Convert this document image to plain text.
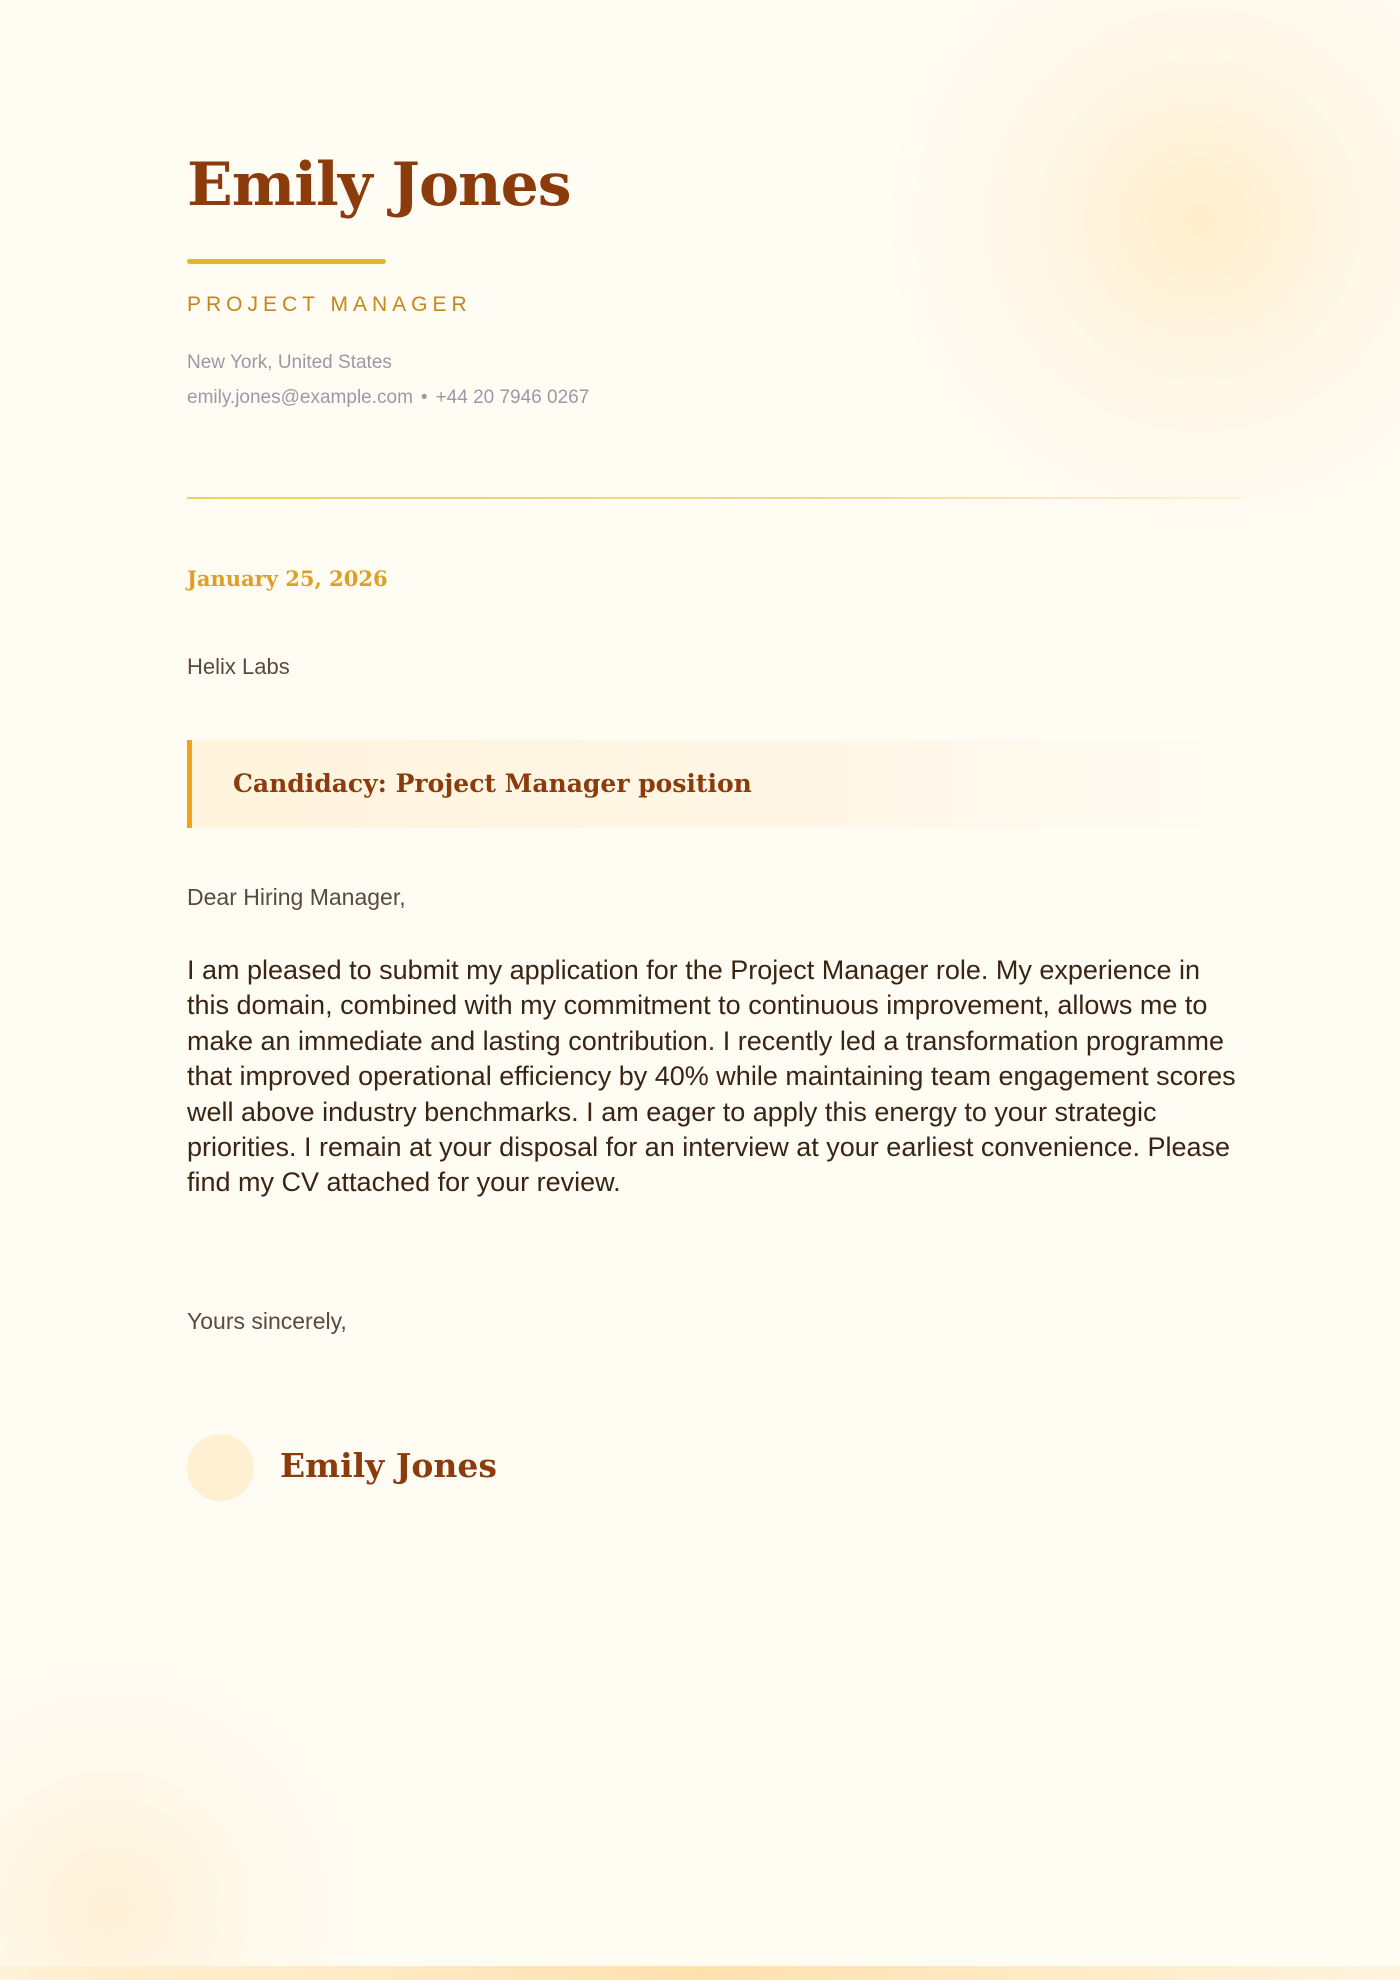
Emily Jones
PROJECT MANAGER
New York, United States
emily.jones@example.com • +44 20 7946 0267
January 25, 2026
Helix Labs
Candidacy: Project Manager position
Dear Hiring Manager,

I am pleased to submit my application for the Project Manager role. My experience in this domain, combined with my commitment to continuous improvement, allows me to make an immediate and lasting contribution. I recently led a transformation programme that improved operational efficiency by 40% while maintaining team engagement scores well above industry benchmarks. I am eager to apply this energy to your strategic priorities. I remain at your disposal for an interview at your earliest convenience. Please find my CV attached for your review.

Yours sincerely,
Emily Jones
